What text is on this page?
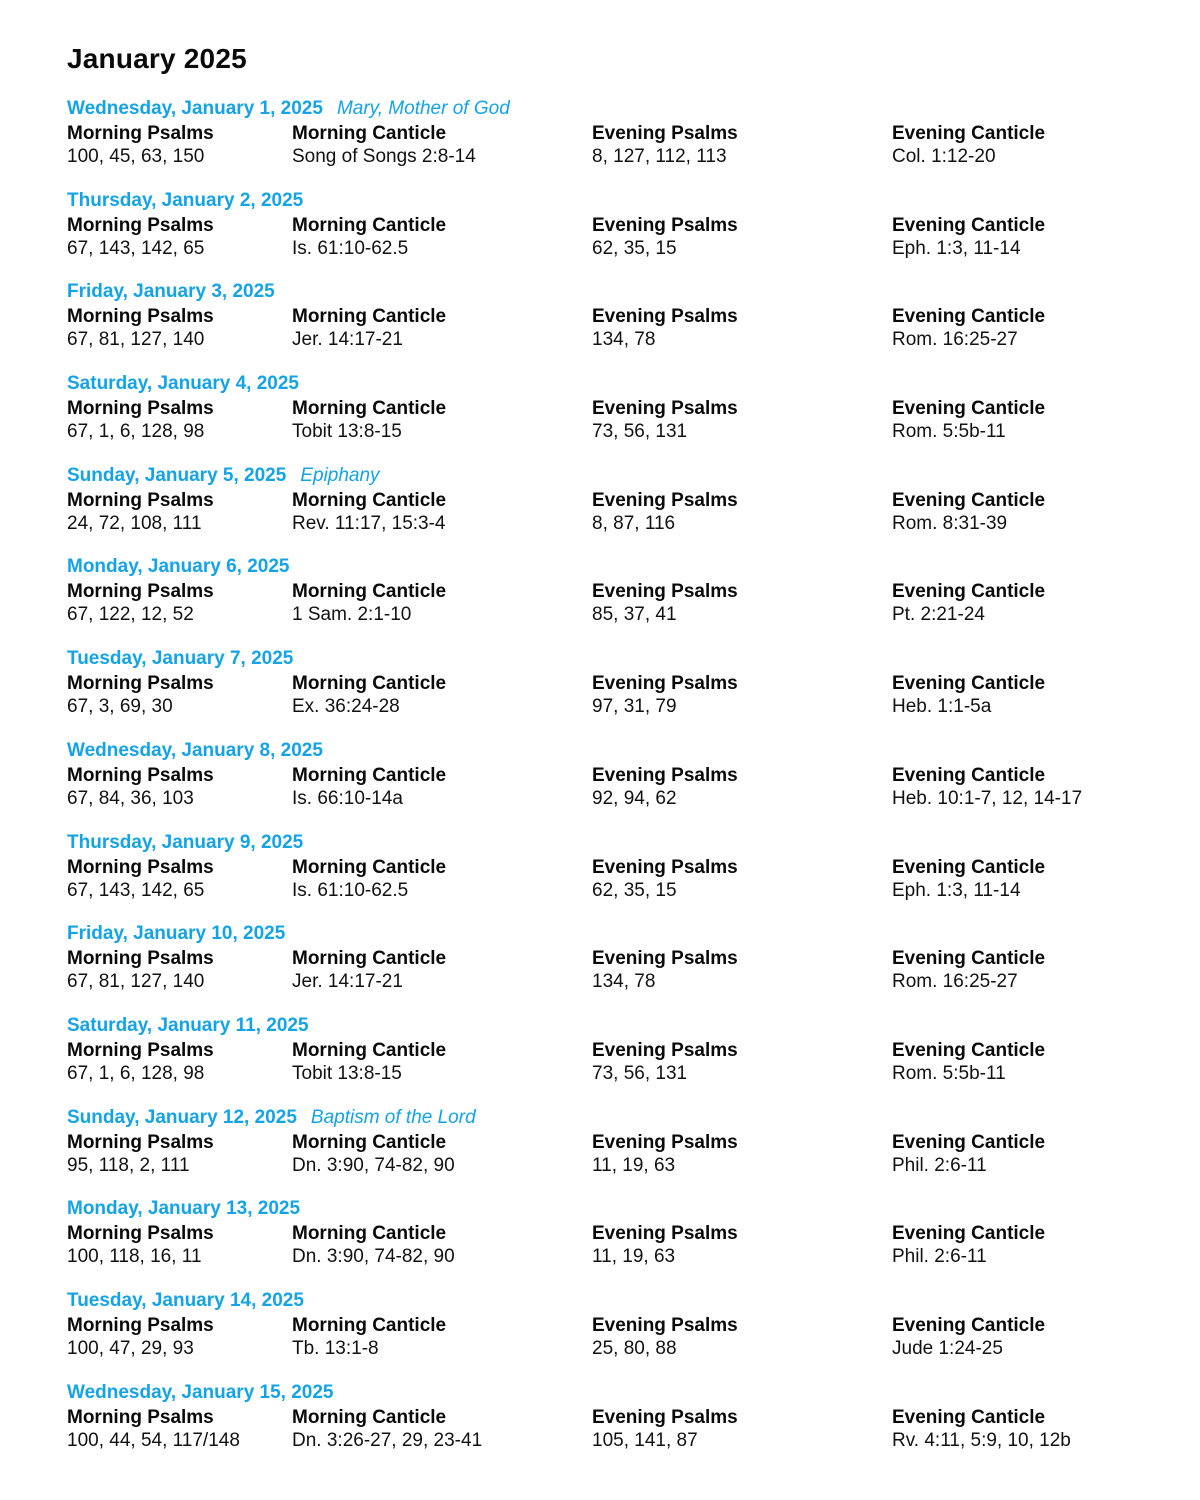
January 2025
Wednesday, January 1, 2025 Mary, Mother of God
Morning Psalms
100, 45, 63, 150
Morning Canticle
Song of Songs 2:8-14
Evening Psalms
8, 127, 112, 113
Evening Canticle
Col. 1:12-20
Thursday, January 2, 2025
Morning Psalms
67, 143, 142, 65
Morning Canticle
Is. 61:10-62.5
Evening Psalms
62, 35, 15
Evening Canticle
Eph. 1:3, 11-14
Friday, January 3, 2025
Morning Psalms
67, 81, 127, 140
Morning Canticle
Jer. 14:17-21
Evening Psalms
134, 78
Evening Canticle
Rom. 16:25-27
Saturday, January 4, 2025
Morning Psalms
67, 1, 6, 128, 98
Morning Canticle
Tobit 13:8-15
Evening Psalms
73, 56, 131
Evening Canticle
Rom. 5:5b-11
Sunday, January 5, 2025 Epiphany
Morning Psalms
24, 72, 108, 111
Morning Canticle
Rev. 11:17, 15:3-4
Evening Psalms
8, 87, 116
Evening Canticle
Rom. 8:31-39
Monday, January 6, 2025
Morning Psalms
67, 122, 12, 52
Morning Canticle
1 Sam. 2:1-10
Evening Psalms
85, 37, 41
Evening Canticle
Pt. 2:21-24
Tuesday, January 7, 2025
Morning Psalms
67, 3, 69, 30
Morning Canticle
Ex. 36:24-28
Evening Psalms
97, 31, 79
Evening Canticle
Heb. 1:1-5a
Wednesday, January 8, 2025
Morning Psalms
67, 84, 36, 103
Morning Canticle
Is. 66:10-14a
Evening Psalms
92, 94, 62
Evening Canticle
Heb. 10:1-7, 12, 14-17
Thursday, January 9, 2025
Morning Psalms
67, 143, 142, 65
Morning Canticle
Is. 61:10-62.5
Evening Psalms
62, 35, 15
Evening Canticle
Eph. 1:3, 11-14
Friday, January 10, 2025
Morning Psalms
67, 81, 127, 140
Morning Canticle
Jer. 14:17-21
Evening Psalms
134, 78
Evening Canticle
Rom. 16:25-27
Saturday, January 11, 2025
Morning Psalms
67, 1, 6, 128, 98
Morning Canticle
Tobit 13:8-15
Evening Psalms
73, 56, 131
Evening Canticle
Rom. 5:5b-11
Sunday, January 12, 2025 Baptism of the Lord
Morning Psalms
95, 118, 2, 111
Morning Canticle
Dn. 3:90, 74-82, 90
Evening Psalms
11, 19, 63
Evening Canticle
Phil. 2:6-11
Monday, January 13, 2025
Morning Psalms
100, 118, 16, 11
Morning Canticle
Dn. 3:90, 74-82, 90
Evening Psalms
11, 19, 63
Evening Canticle
Phil. 2:6-11
Tuesday, January 14, 2025
Morning Psalms
100, 47, 29, 93
Morning Canticle
Tb. 13:1-8
Evening Psalms
25, 80, 88
Evening Canticle
Jude 1:24-25
Wednesday, January 15, 2025
Morning Psalms
100, 44, 54, 117/148
Morning Canticle
Dn. 3:26-27, 29, 23-41
Evening Psalms
105, 141, 87
Evening Canticle
Rv. 4:11, 5:9, 10, 12b
